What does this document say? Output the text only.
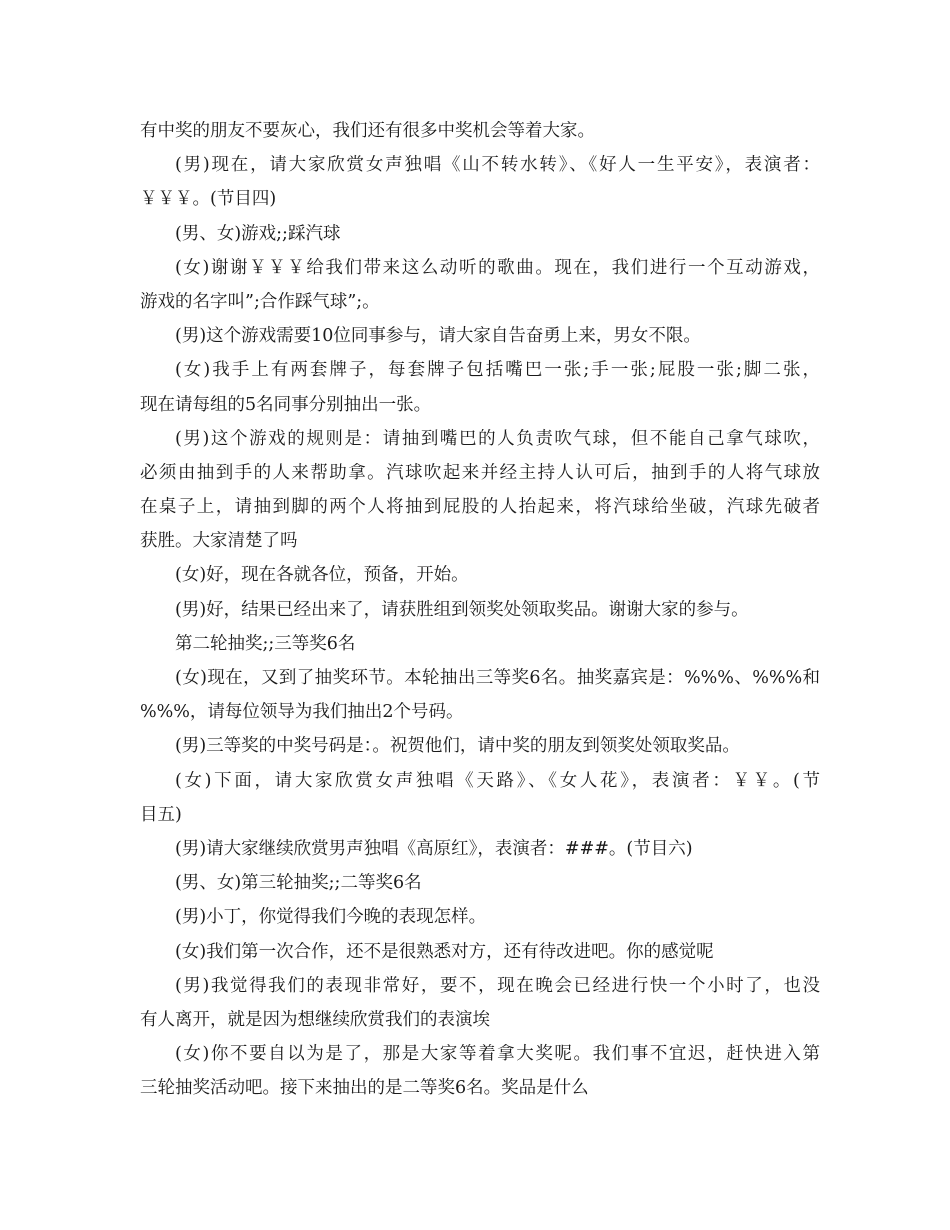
有中奖的朋友不要灰心，我们还有很多中奖机会等着大家。
(男)现在，请大家欣赏女声独唱《山不转水转》、《好人一生平安》，表演者：
￥￥￥。(节目四)
(男、女)游戏;;踩汽球
(女)谢谢￥￥￥给我们带来这么动听的歌曲。现在，我们进行一个互动游戏，
游戏的名字叫”;合作踩气球”;。
(男)这个游戏需要10位同事参与，请大家自告奋勇上来，男女不限。
(女)我手上有两套牌子，每套牌子包括嘴巴一张;手一张;屁股一张;脚二张，
现在请每组的5名同事分别抽出一张。
(男)这个游戏的规则是：请抽到嘴巴的人负责吹气球，但不能自己拿气球吹，
必须由抽到手的人来帮助拿。汽球吹起来并经主持人认可后，抽到手的人将气球放
在桌子上，请抽到脚的两个人将抽到屁股的人抬起来，将汽球给坐破，汽球先破者
获胜。大家清楚了吗
(女)好，现在各就各位，预备，开始。
(男)好，结果已经出来了，请获胜组到领奖处领取奖品。谢谢大家的参与。
第二轮抽奖;;三等奖6名
(女)现在，又到了抽奖环节。本轮抽出三等奖6名。抽奖嘉宾是：%%%、%%%和
%%%，请每位领导为我们抽出2个号码。
(男)三等奖的中奖号码是：。祝贺他们，请中奖的朋友到领奖处领取奖品。
(女)下面，请大家欣赏女声独唱《天路》、《女人花》，表演者：￥￥。(节
目五)
(男)请大家继续欣赏男声独唱《高原红》，表演者：###。(节目六)
(男、女)第三轮抽奖;;二等奖6名
(男)小丁，你觉得我们今晚的表现怎样。
(女)我们第一次合作，还不是很熟悉对方，还有待改进吧。你的感觉呢
(男)我觉得我们的表现非常好，要不，现在晚会已经进行快一个小时了，也没
有人离开，就是因为想继续欣赏我们的表演埃
(女)你不要自以为是了，那是大家等着拿大奖呢。我们事不宜迟，赶快进入第
三轮抽奖活动吧。接下来抽出的是二等奖6名。奖品是什么
